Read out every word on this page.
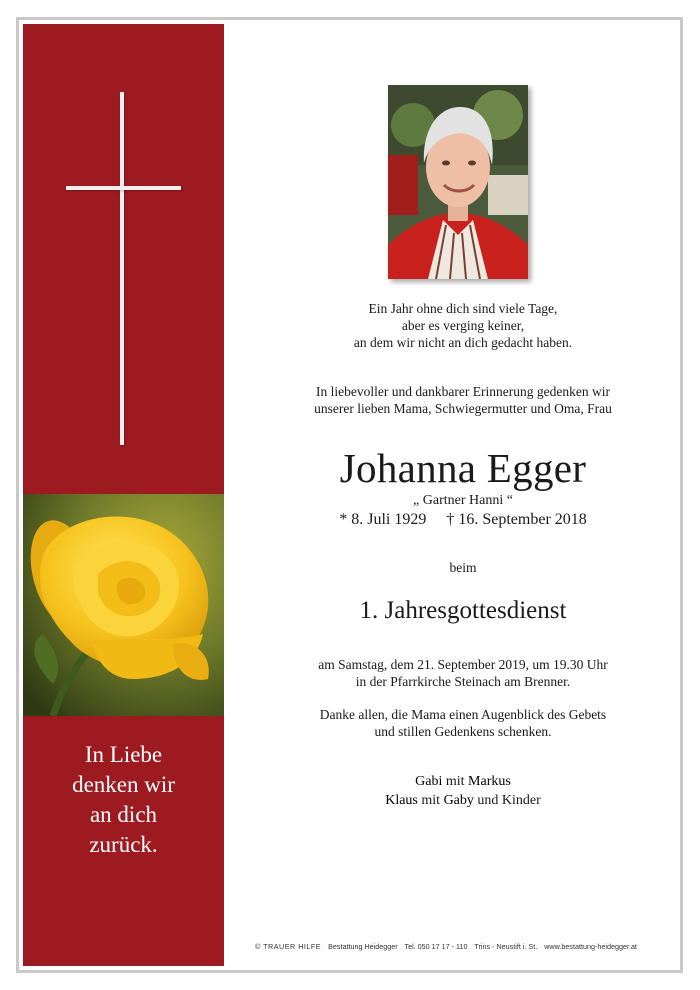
In Liebe
denken wir
an dich
zurück.
Ein Jahr ohne dich sind viele Tage,
aber es verging keiner,
an dem wir nicht an dich gedacht haben.
In liebevoller und dankbarer Erinnerung gedenken wir
unserer lieben Mama, Schwiegermutter und Oma, Frau
Johanna Egger
„ Gartner Hanni “
* 8. Juli 1929 † 16. September 2018
beim
1. Jahresgottesdienst
am Samstag, dem 21. September 2019, um 19.30 Uhr
in der Pfarrkirche Steinach am Brenner.
Danke allen, die Mama einen Augenblick des Gebets
und stillen Gedenkens schenken.
Gabi mit Markus
Klaus mit Gaby und Kinder
© TRAUER HILFE Bestattung Heidegger Tel. 050 17 17 - 110 Trins - Neustift i. St. www.bestattung-heidegger.at
